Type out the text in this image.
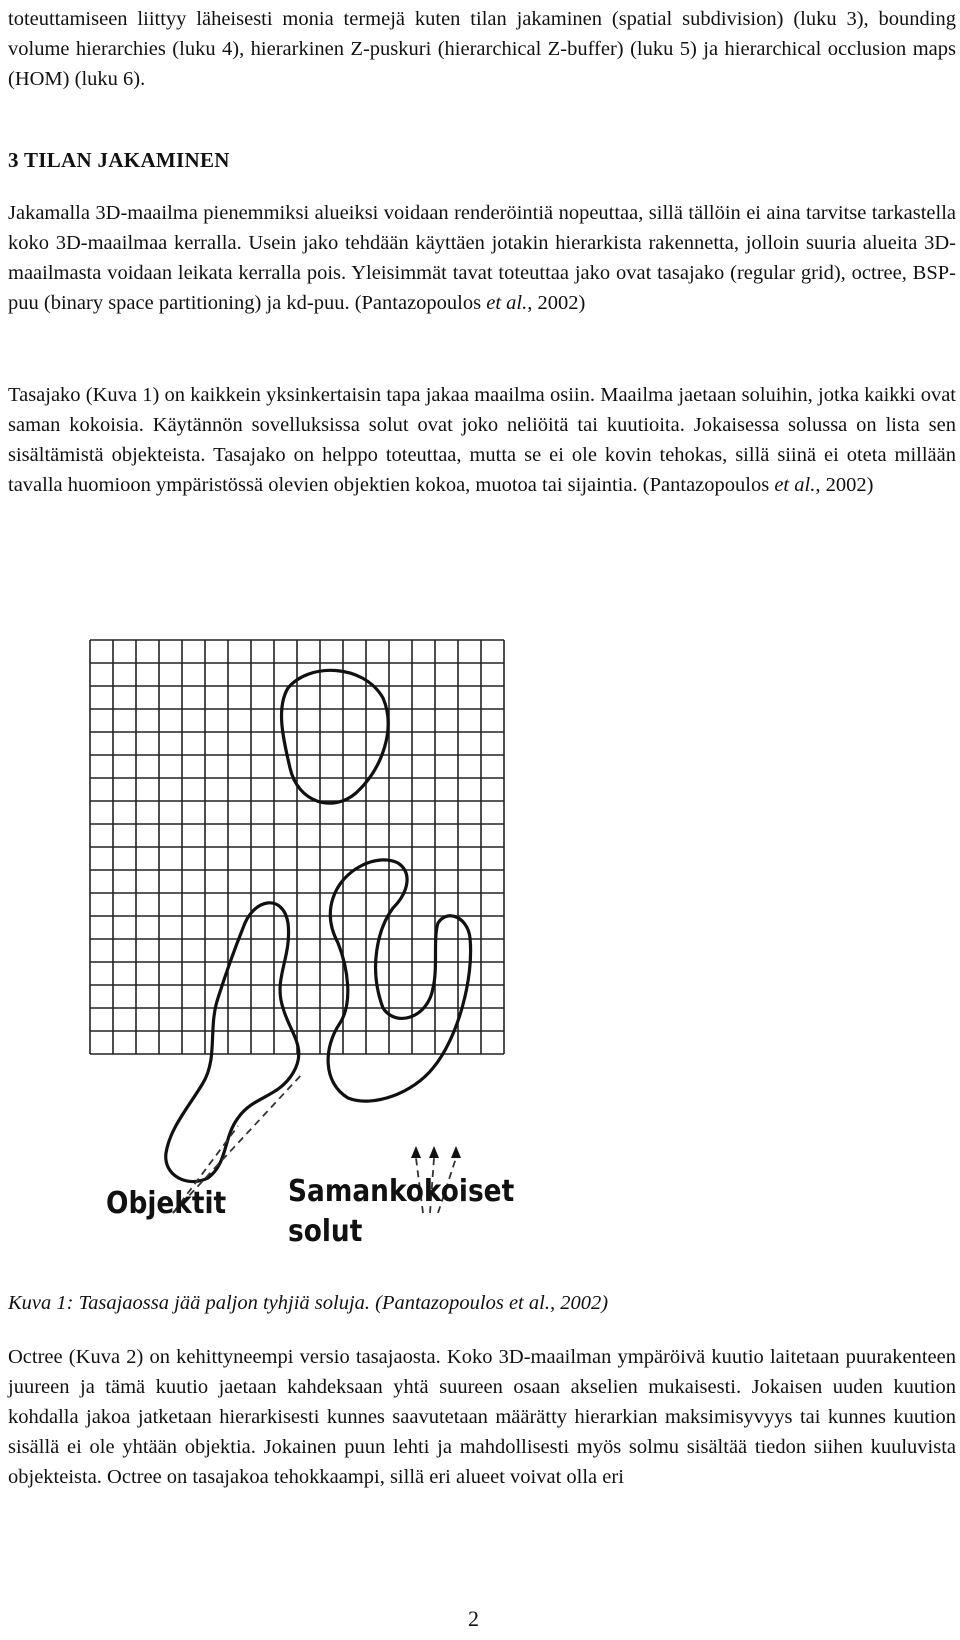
toteuttamiseen liittyy läheisesti monia termejä kuten tilan jakaminen (spatial subdivision) (luku 3), bounding volume hierarchies (luku 4), hierarkinen Z-puskuri (hierarchical Z-buffer) (luku 5) ja hierarchical occlusion maps (HOM) (luku 6).

3 TILAN JAKAMINEN

Jakamalla 3D-maailma pienemmiksi alueiksi voidaan renderöintiä nopeuttaa, sillä tällöin ei aina tarvitse tarkastella koko 3D-maailmaa kerralla. Usein jako tehdään käyttäen jotakin hierarkista rakennetta, jolloin suuria alueita 3D-maailmasta voidaan leikata kerralla pois. Yleisimmät tavat toteuttaa jako ovat tasajako (regular grid), octree, BSP-puu (binary space partitioning) ja kd-puu. (Pantazopoulos et al., 2002)

Tasajako (Kuva 1) on kaikkein yksinkertaisin tapa jakaa maailma osiin. Maailma jaetaan soluihin, jotka kaikki ovat saman kokoisia. Käytännön sovelluksissa solut ovat joko neliöitä tai kuutioita. Jokaisessa solussa on lista sen sisältämistä objekteista. Tasajako on helppo toteuttaa, mutta se ei ole kovin tehokas, sillä siinä ei oteta millään tavalla huomioon ympäristössä olevien objektien kokoa, muotoa tai sijaintia. (Pantazopoulos et al., 2002)

Objektit Samankokoiset
solut

Kuva 1: Tasajaossa jää paljon tyhjiä soluja. (Pantazopoulos et al., 2002)

Octree (Kuva 2) on kehittyneempi versio tasajaosta. Koko 3D-maailman ympäröivä kuutio laitetaan puurakenteen juureen ja tämä kuutio jaetaan kahdeksaan yhtä suureen osaan akselien mukaisesti. Jokaisen uuden kuution kohdalla jakoa jatketaan hierarkisesti kunnes saavutetaan määrätty hierarkian maksimisyvyys tai kunnes kuution sisällä ei ole yhtään objektia. Jokainen puun lehti ja mahdollisesti myös solmu sisältää tiedon siihen kuuluvista objekteista. Octree on tasajakoa tehokkaampi, sillä eri alueet voivat olla eri

2
